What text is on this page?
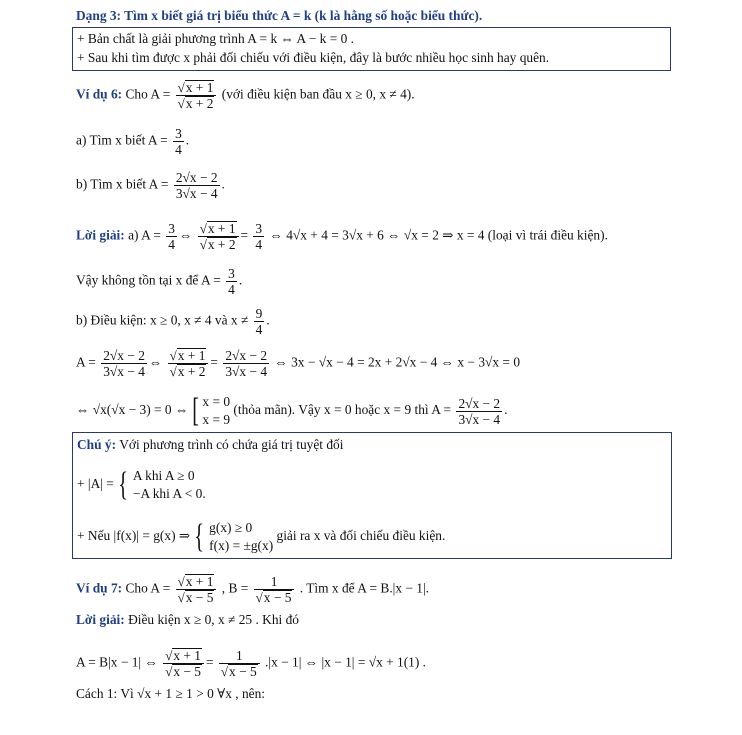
Dạng 3: Tìm x biết giá trị biểu thức A = k (k là hằng số hoặc biểu thức).
+ Bản chất là giải phương trình A = k ⇔ A − k = 0 .
+ Sau khi tìm được x phải đối chiếu với điều kiện, đây là bước nhiều học sinh hay quên.
Ví dụ 6: Cho $A = \frac{√x + 1}{√x + 2}$ (với điều kiện ban đầu x ≥ 0, x ≠ 4).
a) Tìm x biết $A = \frac{3}{4}$ .
b) Tìm x biết $A = \frac{2√x - 2}{3√x - 4}$ .
Lời giải: a) $A = \frac{3}{4}$ ⇔ $\frac{√x + 1}{√x + 2} = \frac{3}{4}$ ⇔ 4√x + 4 = 3√x + 6 ⇔ √x = 2 ⇒ x = 4 (loại vì trái điều kiện).
Vậy không tồn tại x để $A = \frac{3}{4}$ .
b) Điều kiện: x ≥ 0, x ≠ 4 và $x \ne \frac{9}{4}$ .
$A = \frac{2√x - 2}{3√x - 4}$ ⇔ $\frac{√x + 1}{√x + 2} = \frac{2√x - 2}{3√x - 4}$ ⇔ 3x − √x − 4 = 2x + 2√x − 4 ⇔ x − 3√x = 0
⇔ √x(√x − 3) = 0 ⇔ [ x = 0
x = 9
(thỏa mãn). Vậy x = 0 hoặc x = 9 thì $A = \frac{2√x - 2}{3√x - 4}$ .
Chú ý: Với phương trình có chứa giá trị tuyệt đối
+ |A| = { A khi A ≥ 0
−A khi A < 0.
+ Nếu |f(x)| = g(x) ⇒ { g(x) ≥ 0
f(x) = ±g(x)
giải ra x và đối chiếu điều kiện.
Ví dụ 7: Cho $A = \frac{√x + 1}{√x - 5}$ , $B = \frac{1}{√x - 5}$ . Tìm x để A = B.|x − 1|.
Lời giải: Điều kiện x ≥ 0, x ≠ 25 . Khi đó
A = B|x − 1| ⇔ $\frac{√x + 1}{√x - 5} = \frac{1}{√x - 5} .|x - 1|$ ⇔ |x − 1| = √x + 1(1) .
Cách 1: Vì √x + 1 ≥ 1 > 0 ∀x , nên:
